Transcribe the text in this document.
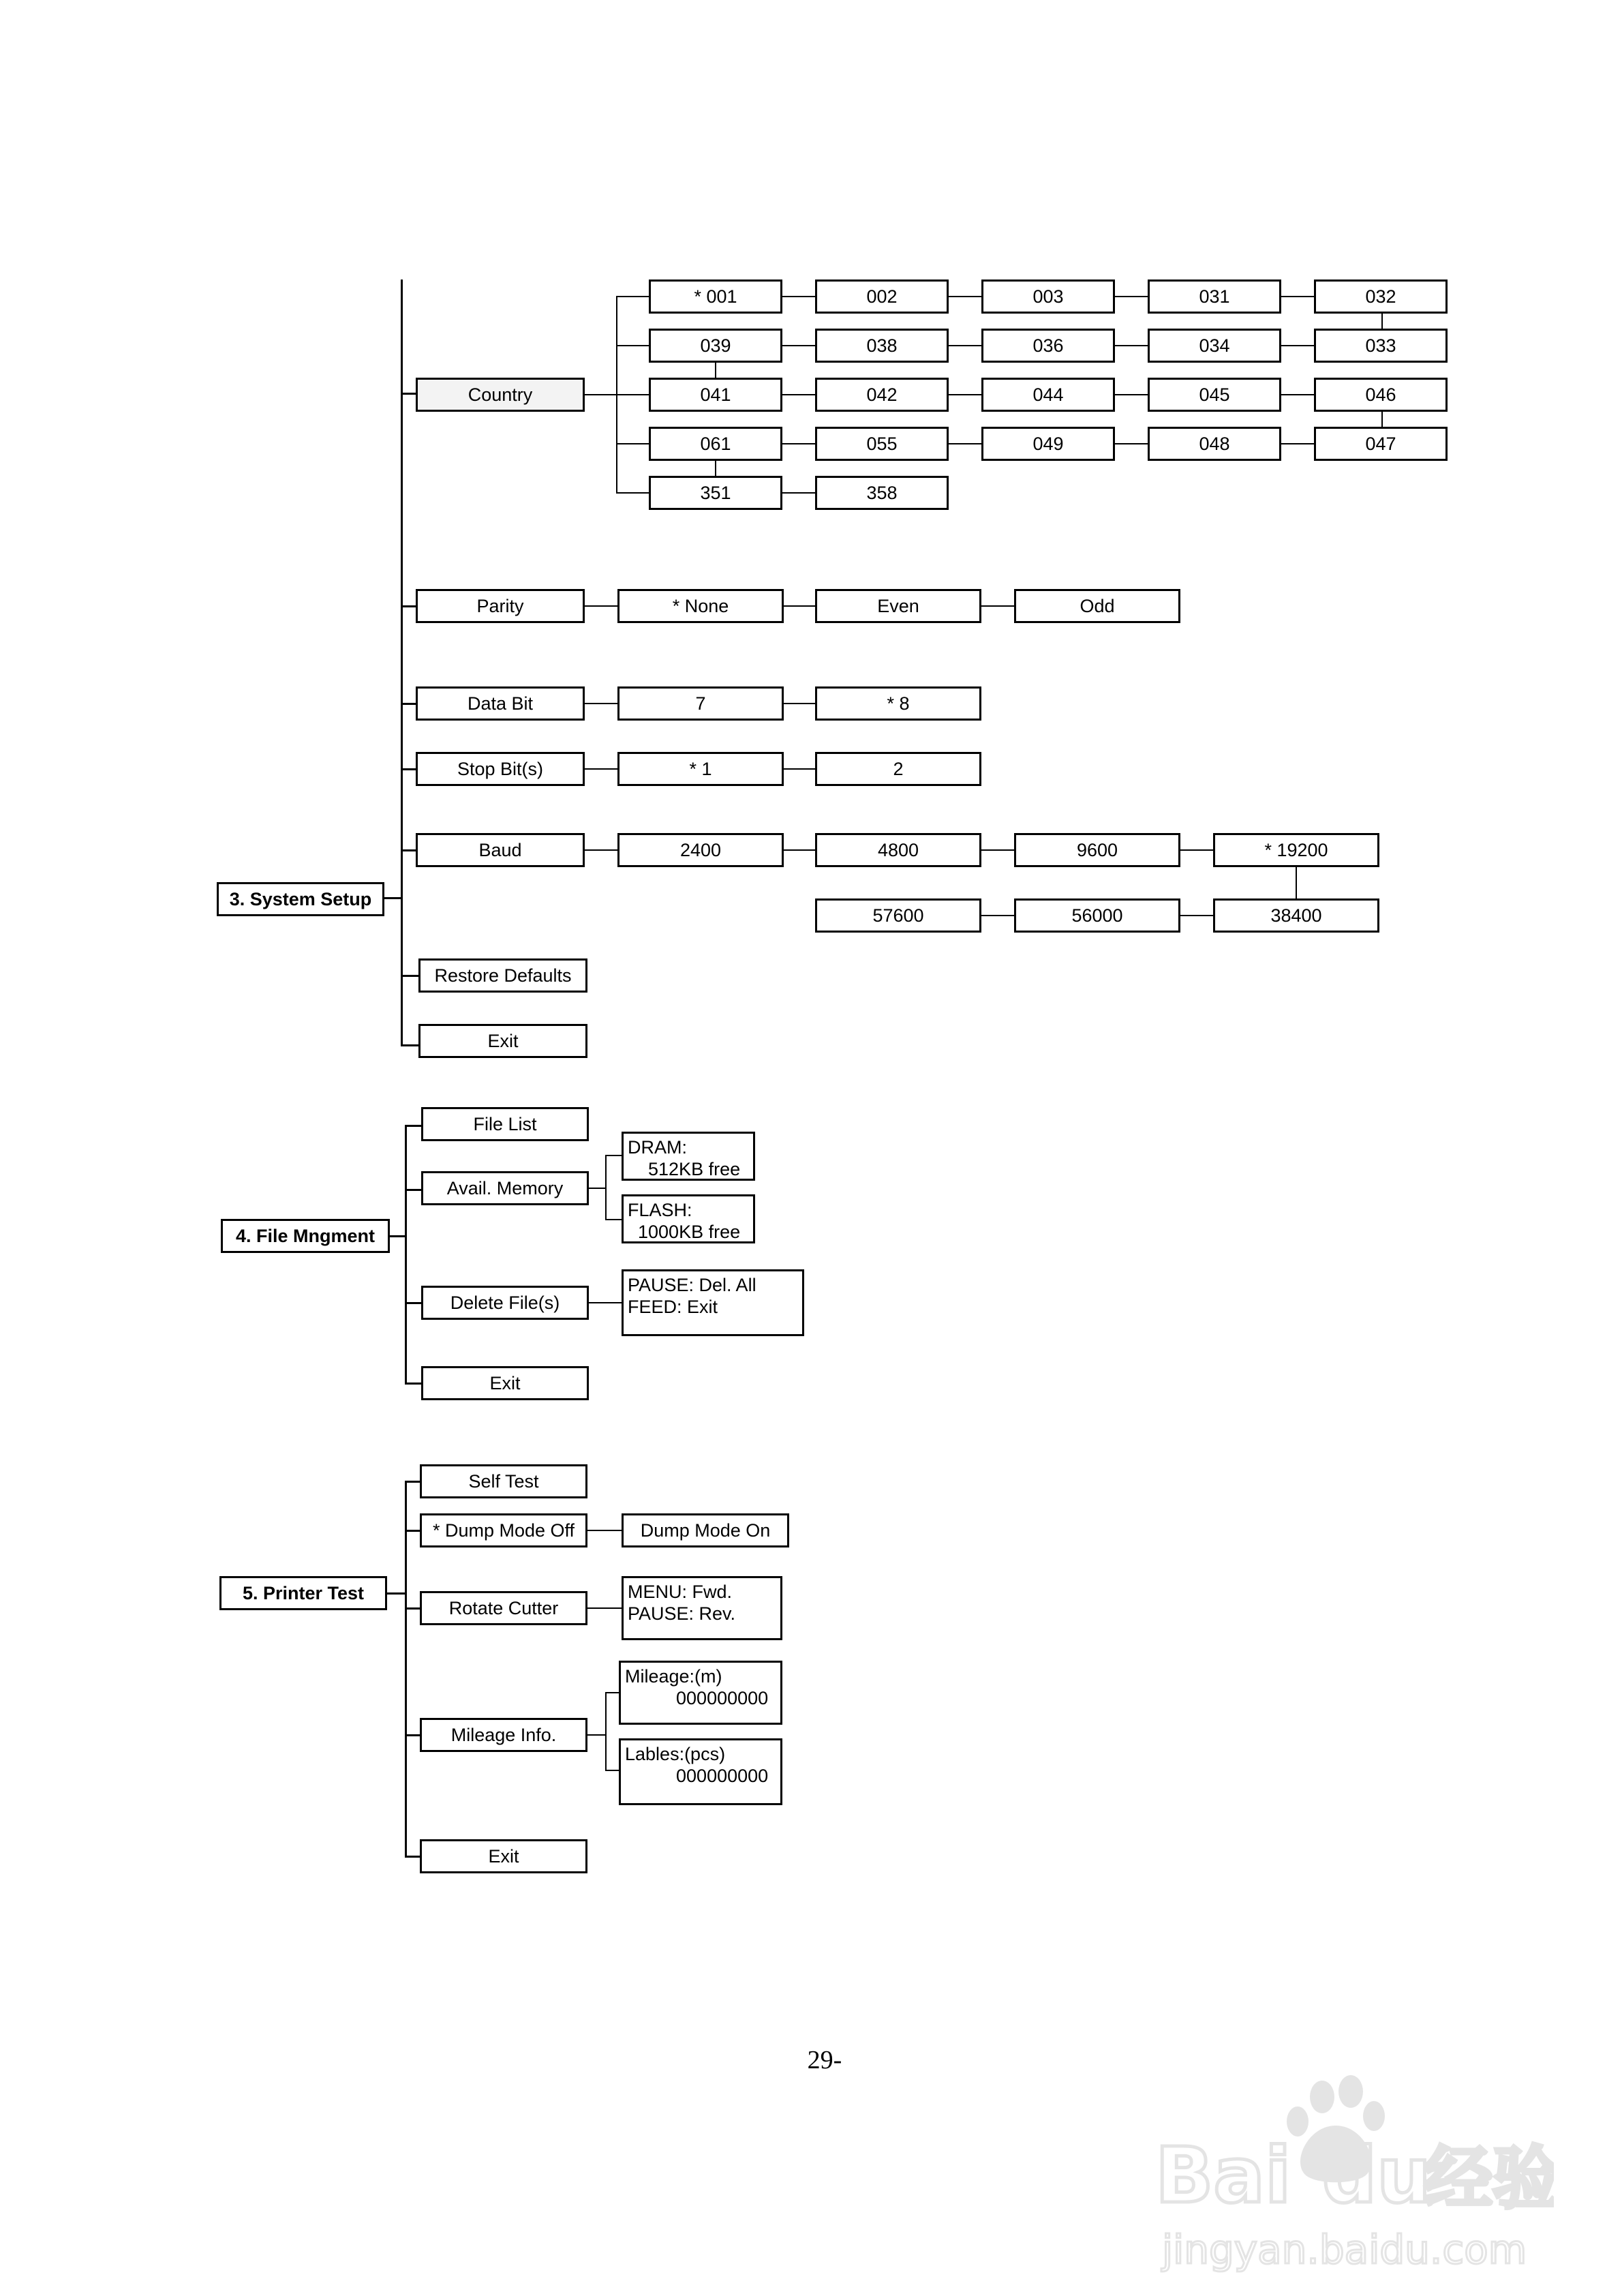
3. System Setup
Country
* 001	002	003	031	032
039	038	036	034	033
041	042	044	045	046
061	055	049	048	047
351	358
Parity	* None	Even	Odd
Data Bit	7	* 8
Stop Bit(s)	* 1	2
Baud	2400	4800	9600	* 19200
57600	56000	38400
Restore Defaults
Exit
4. File Mngment
File List
Avail. Memory
DRAM:
512KB free
FLASH:
1000KB free
Delete File(s)
PAUSE: Del. All
FEED: Exit
Exit
5. Printer Test
Self Test
* Dump Mode Off	Dump Mode On
Rotate Cutter
MENU: Fwd.
PAUSE: Rev.
Mileage Info.
Mileage:(m)
000000000
Lables:(pcs)
000000000
Exit
29-
Bai du
经验
jingyan.baidu.com
